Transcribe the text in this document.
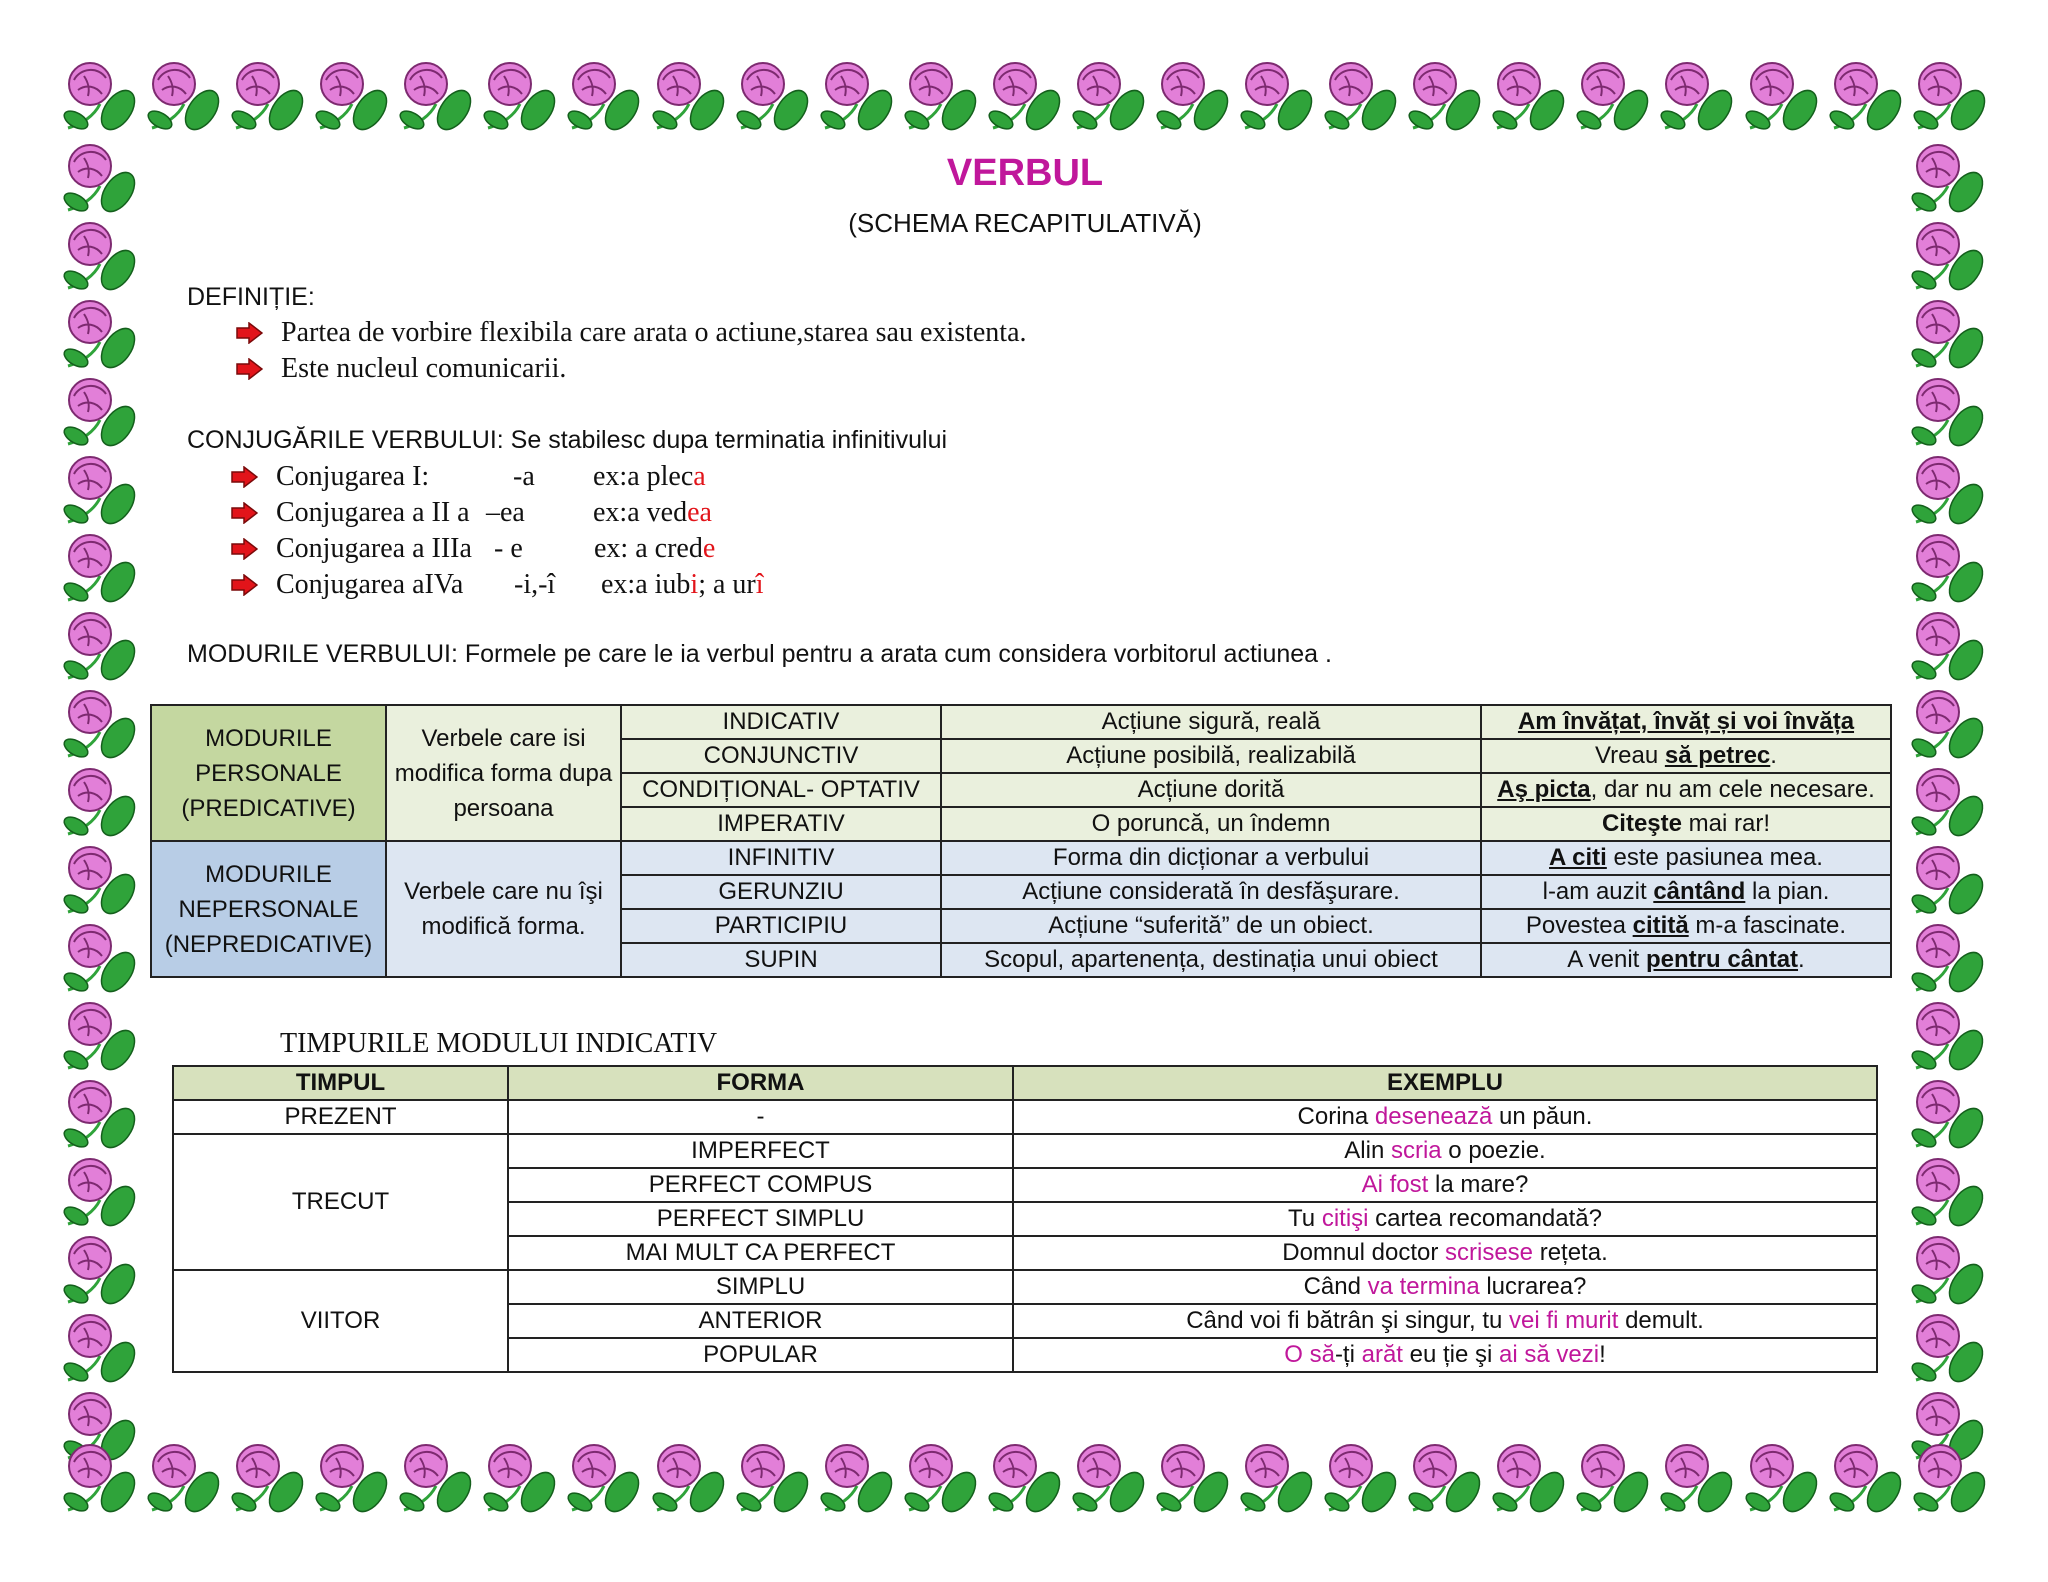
VERBUL
(SCHEMA RECAPITULATIVĂ)
DEFINIȚIE:
Partea de vorbire flexibila care arata o actiune,starea sau existenta.
Este nucleul comunicarii.
CONJUGĂRILE VERBULUI: Se stabilesc dupa terminatia infinitivului
Conjugarea I:	-a	ex:a plec a
Conjugarea a II a –ea	ex:a ved ea
Conjugarea a IIIa - e	ex: a cred e
Conjugarea aIVa	-i,-î	ex:a iub i ; a ur î
MODURILE VERBULUI: Formele pe care le ia verbul pentru a arata cum considera vorbitorul actiunea .
MODURILE PERSONALE (PREDICATIVE)	Verbele care isi modifica forma dupa persoana	INDICATIV	Acțiune sigură, reală	Am învățat, învăț și voi învăța
		CONJUNCTIV	Acțiune posibilă, realizabilă	Vreau să petrec.
		CONDIȚIONAL- OPTATIV	Acțiune dorită	Aş picta, dar nu am cele necesare.
		IMPERATIV	O poruncă, un îndemn	Citeşte mai rar!
MODURILE NEPERSONALE (NEPREDICATIVE)	Verbele care nu îşi modifică forma.	INFINITIV	Forma din dicționar a verbului	A citi este pasiunea mea.
		GERUNZIU	Acțiune considerată în desfăşurare.	l-am auzit cântând la pian.
		PARTICIPIU	Acțiune “suferită” de un obiect.	Povestea citită m-a fascinate.
		SUPIN	Scopul, apartenența, destinația unui obiect	A venit pentru cântat.
TIMPURILE MODULUI INDICATIV
TIMPUL	FORMA	EXEMPLU
PREZENT	-	Corina desenează un păun.
TRECUT	IMPERFECT	Alin scria o poezie.
	PERFECT COMPUS	Ai fost la mare?
	PERFECT SIMPLU	Tu citişi cartea recomandată?
	MAI MULT CA PERFECT	Domnul doctor scrisese rețeta.
VIITOR	SIMPLU	Când va termina lucrarea?
	ANTERIOR	Când voi fi bătrân şi singur, tu vei fi murit demult.
	POPULAR	O să-ți arăt eu ție şi ai să vezi!
